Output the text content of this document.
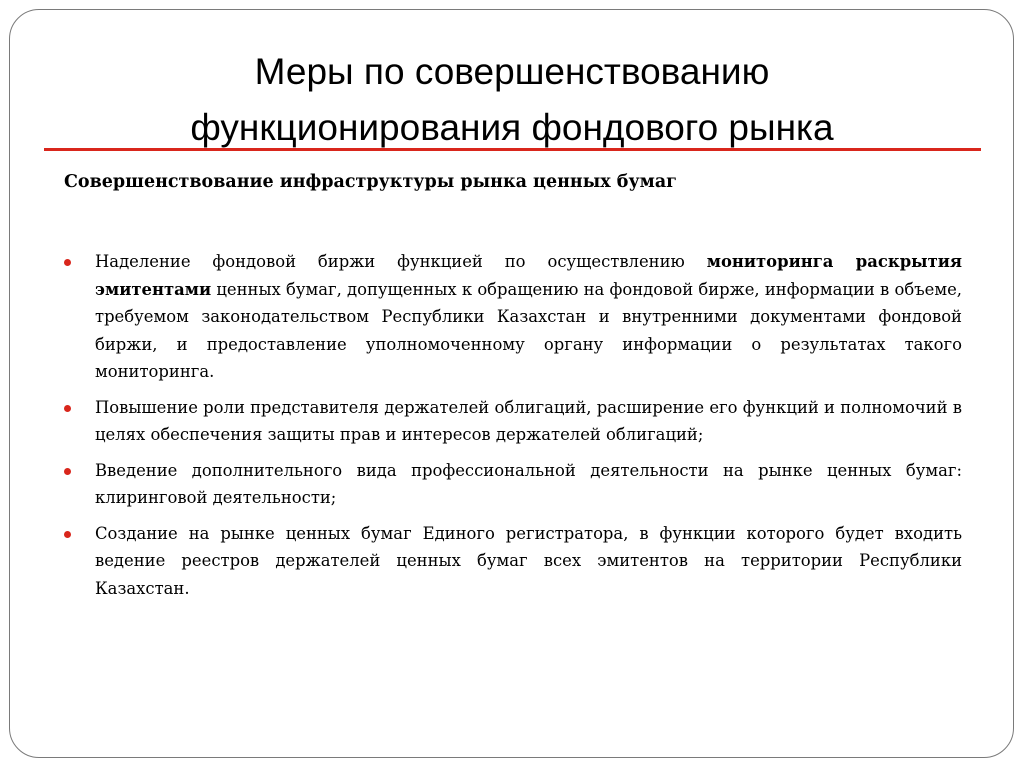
Меры по совершенствованию
функционирования фондового рынка

Совершенствование инфраструктуры рынка ценных бумаг

Наделение фондовой биржи функцией по осуществлению мониторинга раскрытия эмитентами ценных бумаг, допущенных к обращению на фондовой бирже, информации в объеме, требуемом законодательством Республики Казахстан и внутренними документами фондовой биржи, и предоставление уполномоченному органу информации о результатах такого мониторинга.
Повышение роли представителя держателей облигаций, расширение его функций и полномочий в целях обеспечения защиты прав и интересов держателей облигаций;
Введение дополнительного вида профессиональной деятельности на рынке ценных бумаг: клиринговой деятельности;
Создание на рынке ценных бумаг Единого регистратора, в функции которого будет входить ведение реестров держателей ценных бумаг всех эмитентов на территории Республики Казахстан.
